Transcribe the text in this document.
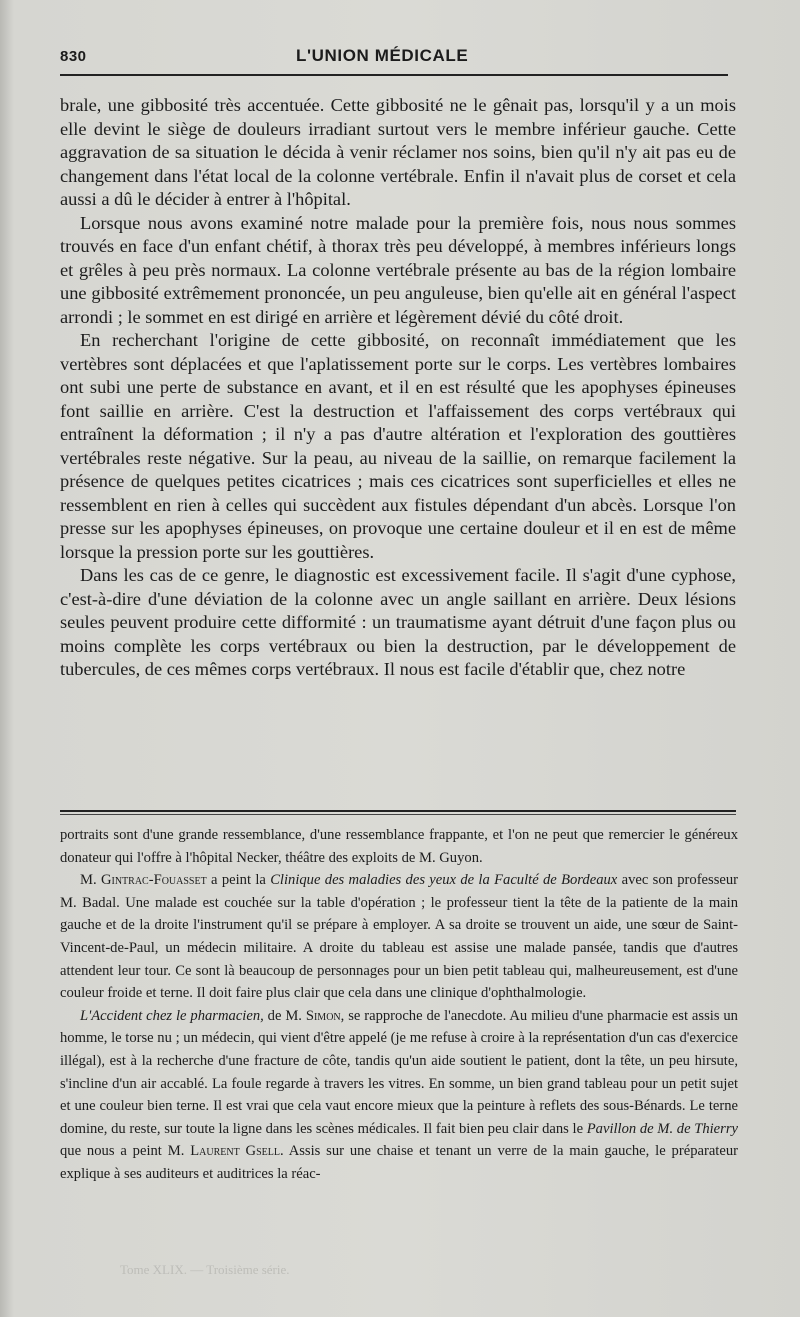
830	L'UNION MÉDICALE

brale, une gibbosité très accentuée. Cette gibbosité ne le gênait pas, lorsqu'il y a un mois elle devint le siège de douleurs irradiant surtout vers le membre inférieur gauche. Cette aggravation de sa situation le décida à venir réclamer nos soins, bien qu'il n'y ait pas eu de changement dans l'état local de la colonne vertébrale. Enfin il n'avait plus de corset et cela aussi a dû le décider à entrer à l'hôpital.

Lorsque nous avons examiné notre malade pour la première fois, nous nous sommes trouvés en face d'un enfant chétif, à thorax très peu développé, à membres inférieurs longs et grêles à peu près normaux. La colonne vertébrale présente au bas de la région lombaire une gibbosité extrêmement prononcée, un peu anguleuse, bien qu'elle ait en général l'aspect arrondi ; le sommet en est dirigé en arrière et légèrement dévié du côté droit.

En recherchant l'origine de cette gibbosité, on reconnaît immédiatement que les vertèbres sont déplacées et que l'aplatissement porte sur le corps. Les vertèbres lombaires ont subi une perte de substance en avant, et il en est résulté que les apophyses épineuses font saillie en arrière. C'est la destruction et l'affaissement des corps vertébraux qui entraînent la déformation ; il n'y a pas d'autre altération et l'exploration des gouttières vertébrales reste négative. Sur la peau, au niveau de la saillie, on remarque facilement la présence de quelques petites cicatrices ; mais ces cicatrices sont superficielles et elles ne ressemblent en rien à celles qui succèdent aux fistules dépendant d'un abcès. Lorsque l'on presse sur les apophyses épineuses, on provoque une certaine douleur et il en est de même lorsque la pression porte sur les gouttières.

Dans les cas de ce genre, le diagnostic est excessivement facile. Il s'agit d'une cyphose, c'est-à-dire d'une déviation de la colonne avec un angle saillant en arrière. Deux lésions seules peuvent produire cette difformité : un traumatisme ayant détruit d'une façon plus ou moins complète les corps vertébraux ou bien la destruction, par le développement de tubercules, de ces mêmes corps vertébraux. Il nous est facile d'établir que, chez notre

portraits sont d'une grande ressemblance, d'une ressemblance frappante, et l'on ne peut que remercier le généreux donateur qui l'offre à l'hôpital Necker, théâtre des exploits de M. Guyon.

M. Gintrac-Fouasset a peint la Clinique des maladies des yeux de la Faculté de Bordeaux avec son professeur M. Badal. Une malade est couchée sur la table d'opération ; le professeur tient la tête de la patiente de la main gauche et de la droite l'instrument qu'il se prépare à employer. A sa droite se trouvent un aide, une sœur de Saint-Vincent-de-Paul, un médecin militaire. A droite du tableau est assise une malade pansée, tandis que d'autres attendent leur tour. Ce sont là beaucoup de personnages pour un bien petit tableau qui, malheureusement, est d'une couleur froide et terne. Il doit faire plus clair que cela dans une clinique d'ophthalmologie.

L'Accident chez le pharmacien, de M. Simon, se rapproche de l'anecdote. Au milieu d'une pharmacie est assis un homme, le torse nu ; un médecin, qui vient d'être appelé (je me refuse à croire à la représentation d'un cas d'exercice illégal), est à la recherche d'une fracture de côte, tandis qu'un aide soutient le patient, dont la tête, un peu hirsute, s'incline d'un air accablé. La foule regarde à travers les vitres. En somme, un bien grand tableau pour un petit sujet et une couleur bien terne. Il est vrai que cela vaut encore mieux que la peinture à reflets des sous-Bénards. Le terne domine, du reste, sur toute la ligne dans les scènes médicales. Il fait bien peu clair dans le Pavillon de M. de Thierry que nous a peint M. Laurent Gsell. Assis sur une chaise et tenant un verre de la main gauche, le préparateur explique à ses auditeurs et auditrices la réac-

Tome XLIX. — Troisième série.
